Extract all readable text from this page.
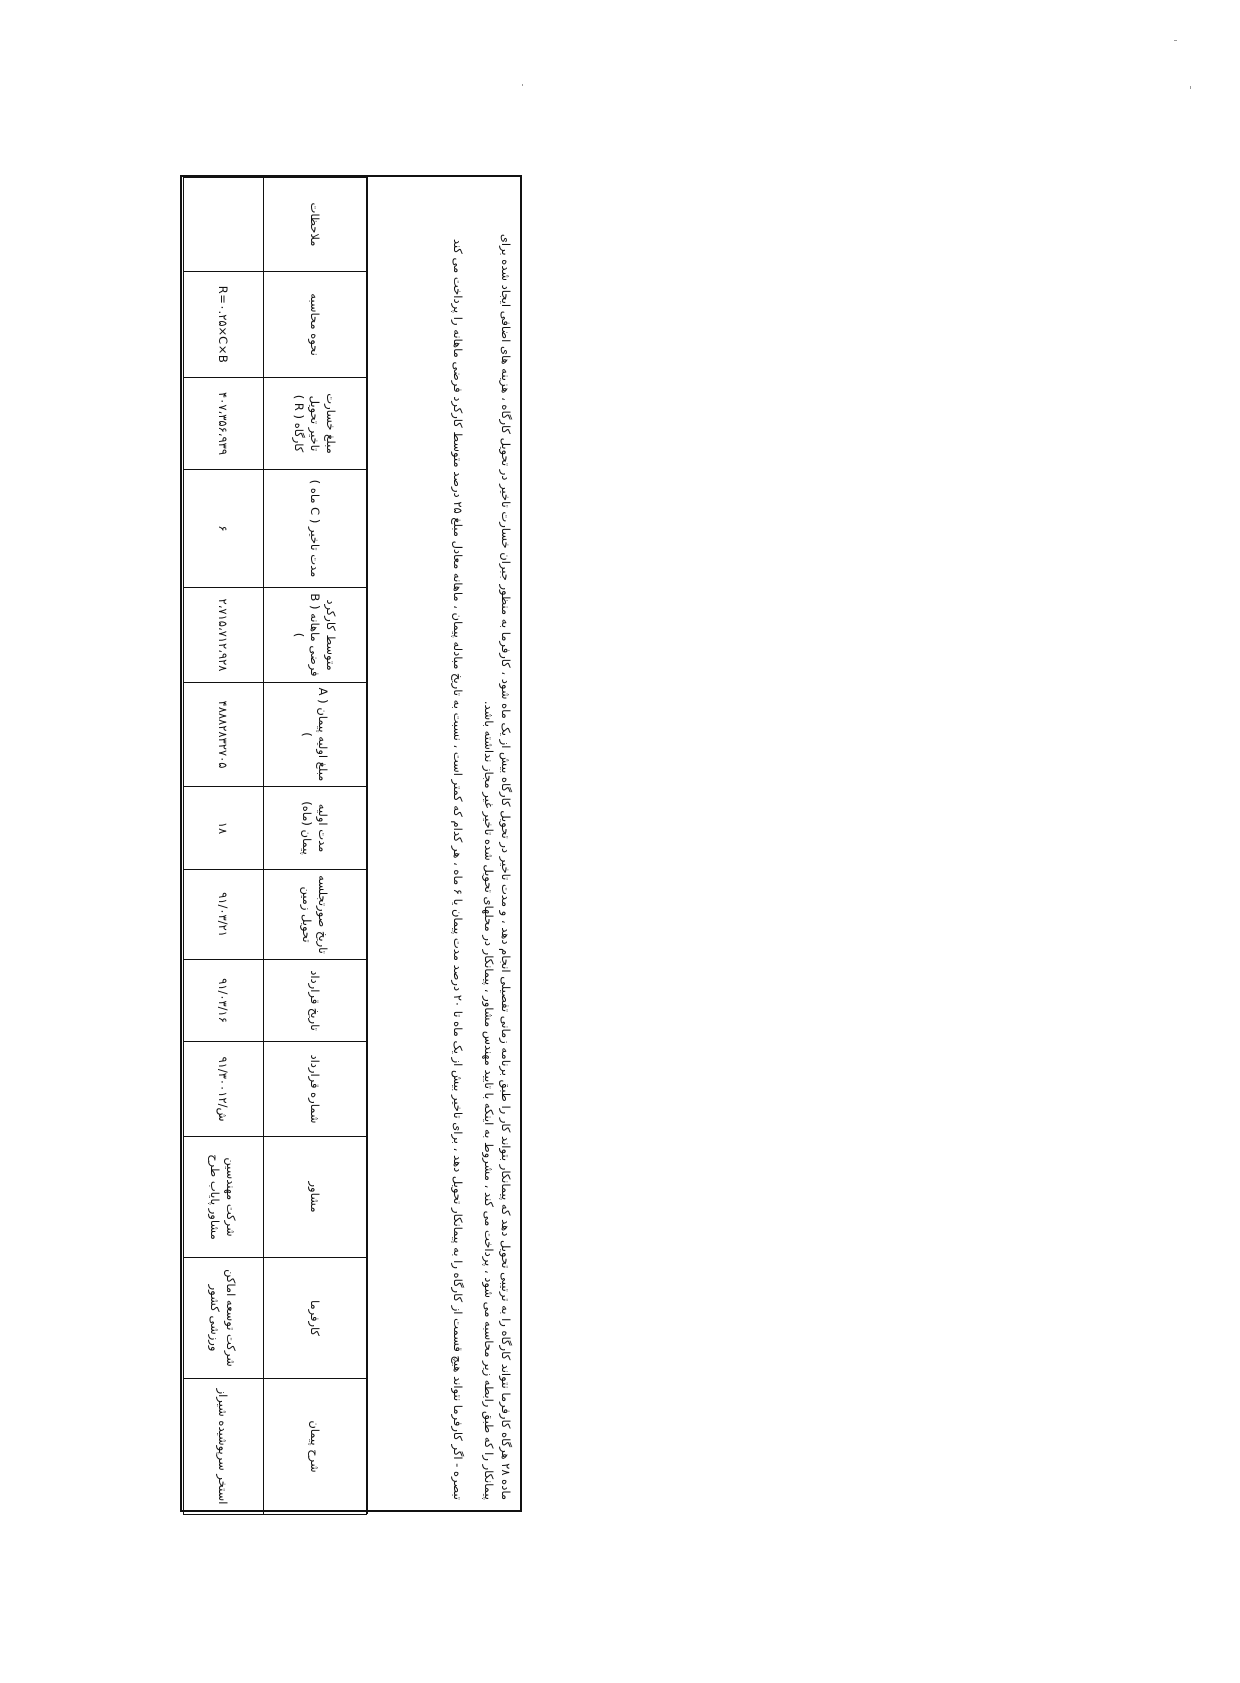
ماده ۲۸ هرگاه کارفرما نتواند کارگاه را به ترتیبی تحویل دهد که پیمانکار بتواند کار را طبق برنامه زمانی تفصیلی انجام دهد ، و مدت تاخیر در تحویل کارگاه بیش از یک ماه شود ، کارفرما به منظور جبران خسارت تاخیر در تحویل کارگاه ، هزینه های اضافی ایجاد شده برای پیمانکار را که طبق رابطه زیر محاسبه می شود ، پرداخت می کند ، مشروط به اینکه با تایید مهندس مشاور ، پیمانکار در محلهای تحویل شده تاخیر غیر مجاز نداشته باشد.

تبصره - اگر کارفرما نتواند هیچ قسمت از کارگاه را به پیمانکار تحویل دهد ، برای تاخیر بیش از یک ماه تا ۲۰ درصد مدت پیمان یا ۶ ماه ، هر کدام که کمتر است ، نسبت به تاریخ مبادله پیمان ، ماهانه معادل مبلغ ۲۵ درصد متوسط کارکرد فرضی ماهانه را پرداخت می کند

شرح پیمان	کارفرما	مشاور	شماره قرارداد	تاریخ قرارداد	تاریخ صورتجلسه تحویل زمین	مدت اولیه پیمان (ماه)	مبلغ اولیه پیمان ( A )	متوسط کارکرد فرضی ماهانه ( B )	مدت تاخیر ( C ماه )	مبلغ خسارت تاخیر تحویل کارگاه ( R )	نحوه محاسبه	ملاحظات
استخر سرپوشیده شیراز	شرکت توسعه اماکن ورزشی کشور	شرکت مهندسین مشاور پایاب طرح	ش/۹۱/۳۰۰۱۲	۹۱/۰۳/۱۶	۹۱/۰۳/۲۱	۱۸	۴۸۸۸۲۸۳۲۷۰۵	۲،۷۱۵،۷۱۲،۹۲۸	۶	۴۰۷،۳۵۶،۹۳۹	R=۰.۲۵×C×B	
